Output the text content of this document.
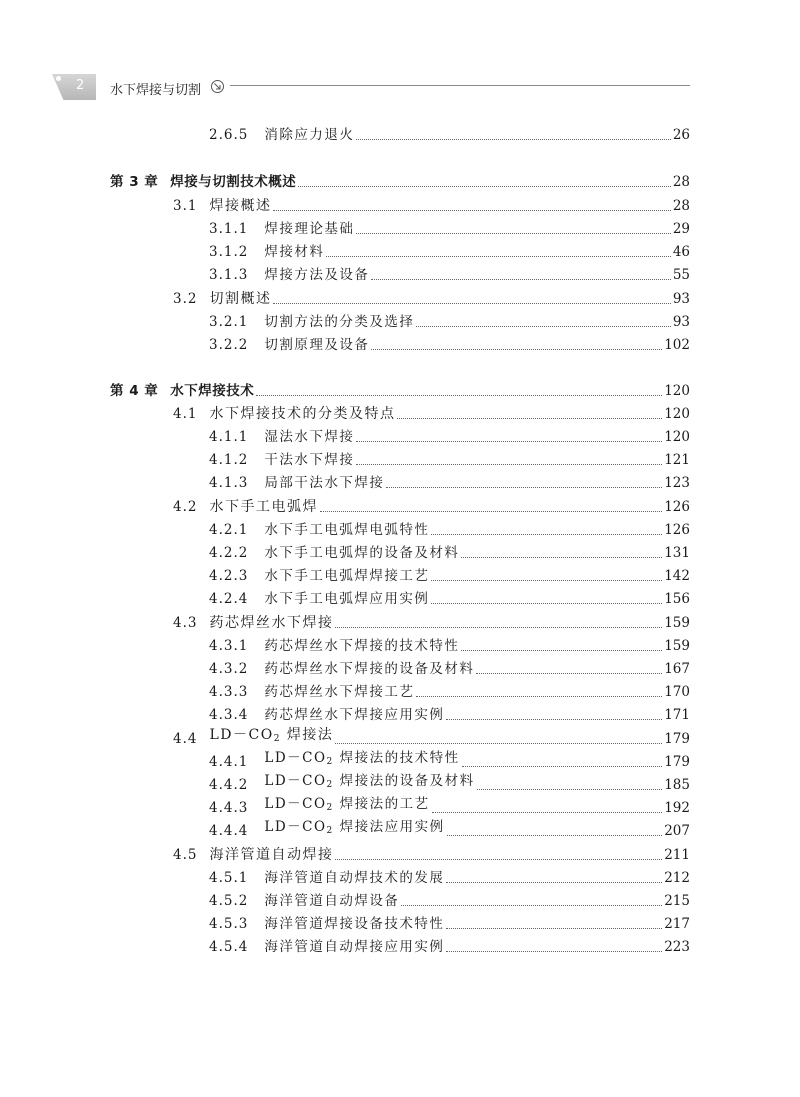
2 水下焊接与切割
2.6.5	消除应力退火	26
第 3 章 焊接与切割技术概述	28
3.1 焊接概述	28
3.1.1	焊接理论基础	29
3.1.2	焊接材料	46
3.1.3	焊接方法及设备	55
3.2 切割概述	93
3.2.1	切割方法的分类及选择	93
3.2.2	切割原理及设备	102
第 4 章 水下焊接技术	120
4.1 水下焊接技术的分类及特点	120
4.1.1	湿法水下焊接	120
4.1.2	干法水下焊接	121
4.1.3	局部干法水下焊接	123
4.2 水下手工电弧焊	126
4.2.1	水下手工电弧焊电弧特性	126
4.2.2	水下手工电弧焊的设备及材料	131
4.2.3	水下手工电弧焊焊接工艺	142
4.2.4	水下手工电弧焊应用实例	156
4.3 药芯焊丝水下焊接	159
4.3.1	药芯焊丝水下焊接的技术特性	159
4.3.2	药芯焊丝水下焊接的设备及材料	167
4.3.3	药芯焊丝水下焊接工艺	170
4.3.4	药芯焊丝水下焊接应用实例	171
4.4 $LD-CO_2$ 焊接法	179
4.4.1	$LD-CO_2$ 焊接法的技术特性	179
4.4.2	$LD-CO_2$ 焊接法的设备及材料	185
4.4.3	$LD-CO_2$ 焊接法的工艺	192
4.4.4	$LD-CO_2$ 焊接法应用实例	207
4.5 海洋管道自动焊接	211
4.5.1	海洋管道自动焊技术的发展	212
4.5.2	海洋管道自动焊设备	215
4.5.3	海洋管道焊接设备技术特性	217
4.5.4	海洋管道自动焊接应用实例	223
